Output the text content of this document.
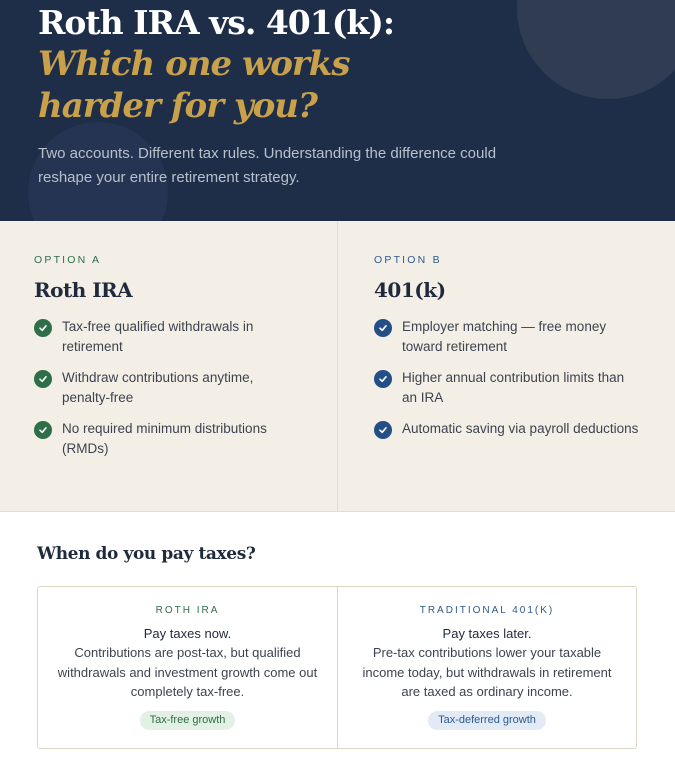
Roth IRA vs. 401(k):
Which one works
harder for you?

Two accounts. Different tax rules. Understanding the difference could reshape your entire retirement strategy.

OPTION A
Roth IRA
Tax-free qualified withdrawals in retirement
Withdraw contributions anytime, penalty-free
No required minimum distributions (RMDs)
OPTION B
401(k)
Employer matching — free money toward retirement
Higher annual contribution limits than an IRA
Automatic saving via payroll deductions
When do you pay taxes?
ROTH IRA
Pay taxes now.
Contributions are post-tax, but qualified withdrawals and investment growth come out completely tax-free.
Tax-free growth
TRADITIONAL 401(K)
Pay taxes later.
Pre-tax contributions lower your taxable income today, but withdrawals in retirement are taxed as ordinary income.
Tax-deferred growth
